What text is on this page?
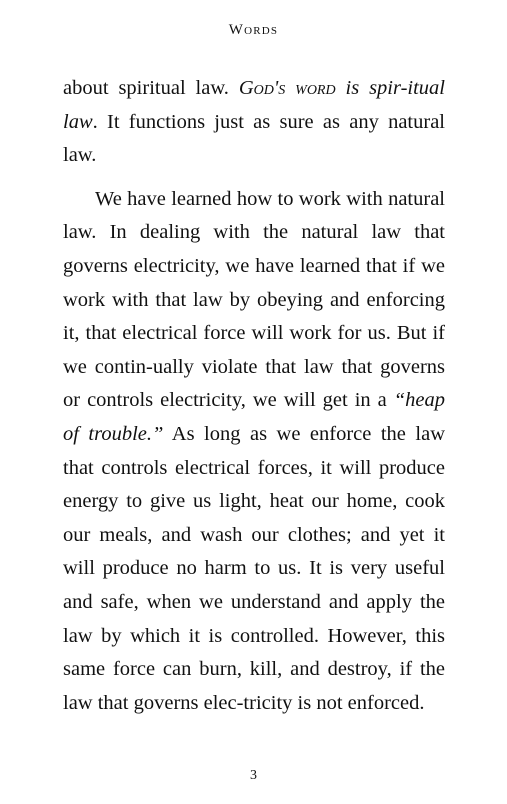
Words

about spiritual law. God's word is spir-itual law. It functions just as sure as any natural law.

We have learned how to work with natural law. In dealing with the natural law that governs electricity, we have learned that if we work with that law by obeying and enforcing it, that electrical force will work for us. But if we contin-ually violate that law that governs or controls electricity, we will get in a “heap of trouble.” As long as we enforce the law that controls electrical forces, it will produce energy to give us light, heat our home, cook our meals, and wash our clothes; and yet it will produce no harm to us. It is very useful and safe, when we understand and apply the law by which it is controlled. However, this same force can burn, kill, and destroy, if the law that governs elec-tricity is not enforced.

3
